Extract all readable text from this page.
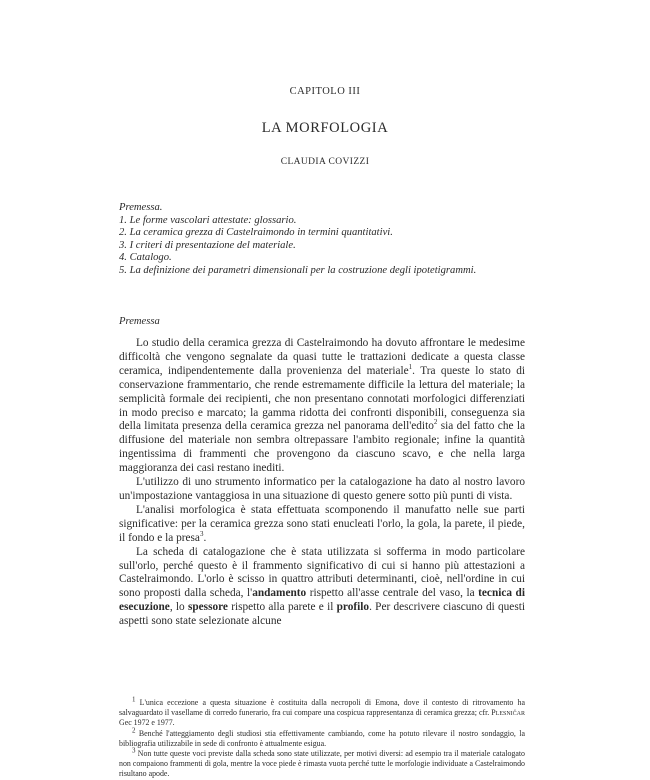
CAPITOLO III
LA MORFOLOGIA
CLAUDIA COVIZZI
Premessa.
1. Le forme vascolari attestate: glossario.
2. La ceramica grezza di Castelraimondo in termini quantitativi.
3. I criteri di presentazione del materiale.
4. Catalogo.
5. La definizione dei parametri dimensionali per la costruzione degli ipotetigrammi.
Premessa

Lo studio della ceramica grezza di Castelraimondo ha dovuto affrontare le medesime difficoltà che vengono segnalate da quasi tutte le trattazioni dedicate a questa classe ceramica, indipendentemente dalla provenienza del materiale$^1$. Tra queste lo stato di conservazione frammentario, che rende estremamente difficile la lettura del materiale; la semplicità formale dei recipienti, che non presentano connotati morfologici differenziati in modo preciso e marcato; la gamma ridotta dei confronti disponibili, conseguenza sia della limitata presenza della ceramica grezza nel panorama dell'edito$^2$ sia del fatto che la diffusione del materiale non sembra oltrepassare l'ambito regionale; infine la quantità ingentissima di frammenti che provengono da ciascuno scavo, e che nella larga maggioranza dei casi restano inediti.

L'utilizzo di uno strumento informatico per la catalogazione ha dato al nostro lavoro un'impostazione vantaggiosa in una situazione di questo genere sotto più punti di vista.

L'analisi morfologica è stata effettuata scomponendo il manufatto nelle sue parti significative: per la ceramica grezza sono stati enucleati l'orlo, la gola, la parete, il piede, il fondo e la presa$^3$.

La scheda di catalogazione che è stata utilizzata si sofferma in modo particolare sull'orlo, perché questo è il frammento significativo di cui si hanno più attestazioni a Castelraimondo. L'orlo è scisso in quattro attributi determinanti, cioè, nell'ordine in cui sono proposti dalla scheda, l'andamento rispetto all'asse centrale del vaso, la tecnica di esecuzione, lo spessore rispetto alla parete e il profilo. Per descrivere ciascuno di questi aspetti sono state selezionate alcune

$^1$ L'unica eccezione a questa situazione è costituita dalla necropoli di Emona, dove il contesto di ritrovamento ha salvaguardato il vasellame di corredo funerario, fra cui compare una cospicua rappresentanza di ceramica grezza; cfr. Plesničar Gec 1972 e 1977.

$^2$ Benché l'atteggiamento degli studiosi stia effettivamente cambiando, come ha potuto rilevare il nostro sondaggio, la bibliografia utilizzabile in sede di confronto è attualmente esigua.

$^3$ Non tutte queste voci previste dalla scheda sono state utilizzate, per motivi diversi: ad esempio tra il materiale catalogato non compaiono frammenti di gola, mentre la voce piede è rimasta vuota perché tutte le morfologie individuate a Castelraimondo risultano apode.
